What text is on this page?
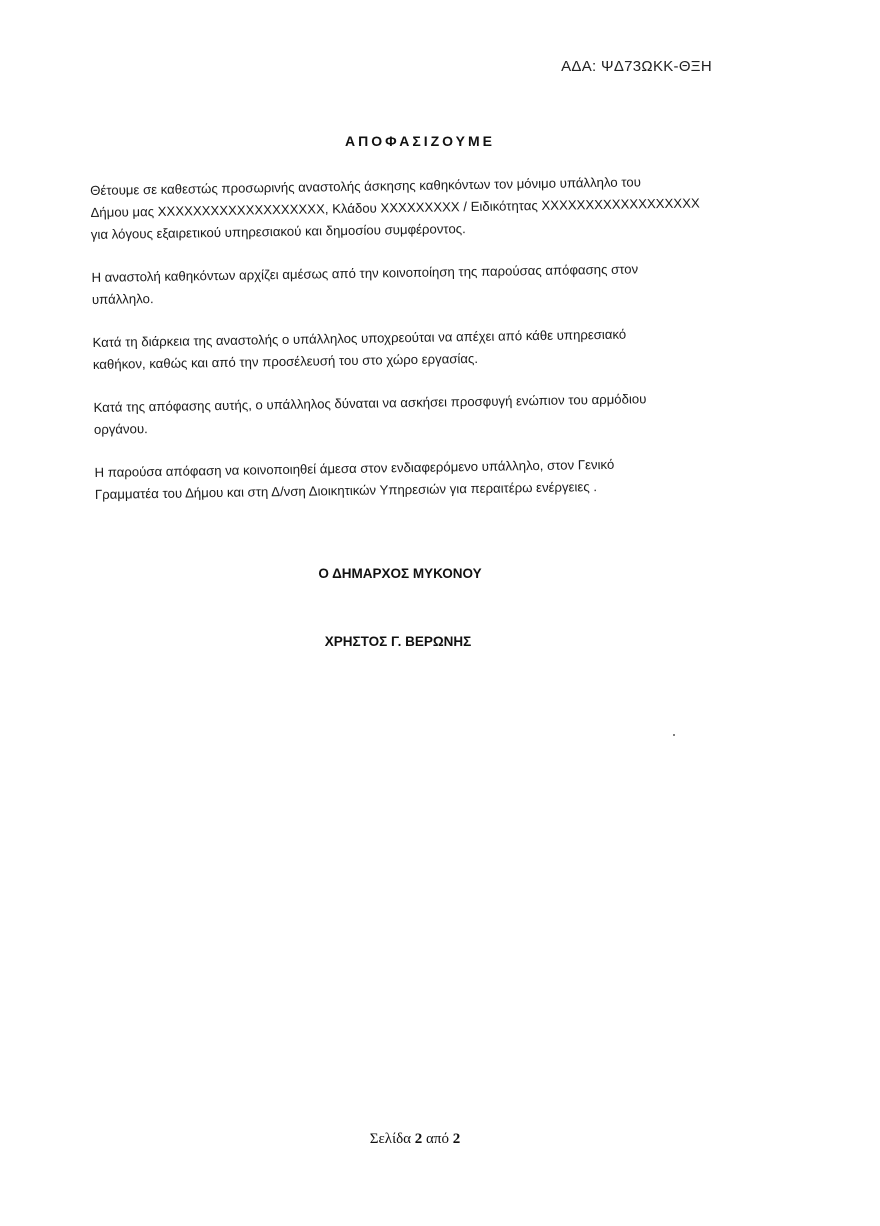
ΑΔΑ: ΨΔ73ΩΚΚ-ΘΞΗ
ΑΠΟΦΑΣΙΖΟΥΜΕ

Θέτουμε σε καθεστώς προσωρινής αναστολής άσκησης καθηκόντων τον μόνιμο υπάλληλο του
Δήμου μας XXXXXXXXXXXXXXXXXXX, Κλάδου XXXXXXXXX / Ειδικότητας XXXXXXXXXXXXXXXXXX
για λόγους εξαιρετικού υπηρεσιακού και δημοσίου συμφέροντος.

Η αναστολή καθηκόντων αρχίζει αμέσως από την κοινοποίηση της παρούσας απόφασης στον
υπάλληλο.

Κατά τη διάρκεια της αναστολής ο υπάλληλος υποχρεούται να απέχει από κάθε υπηρεσιακό
καθήκον, καθώς και από την προσέλευσή του στο χώρο εργασίας.

Κατά της απόφασης αυτής, ο υπάλληλος δύναται να ασκήσει προσφυγή ενώπιον του αρμόδιου
οργάνου.

Η παρούσα απόφαση να κοινοποιηθεί άμεσα στον ενδιαφερόμενο υπάλληλο, στον Γενικό
Γραμματέα του Δήμου και στη Δ/νση Διοικητικών Υπηρεσιών για περαιτέρω ενέργειες .

Ο ΔΗΜΑΡΧΟΣ ΜΥΚΟΝΟΥ
ΧΡΗΣΤΟΣ Γ. ΒΕΡΩΝΗΣ
Σελίδα 2 από 2
